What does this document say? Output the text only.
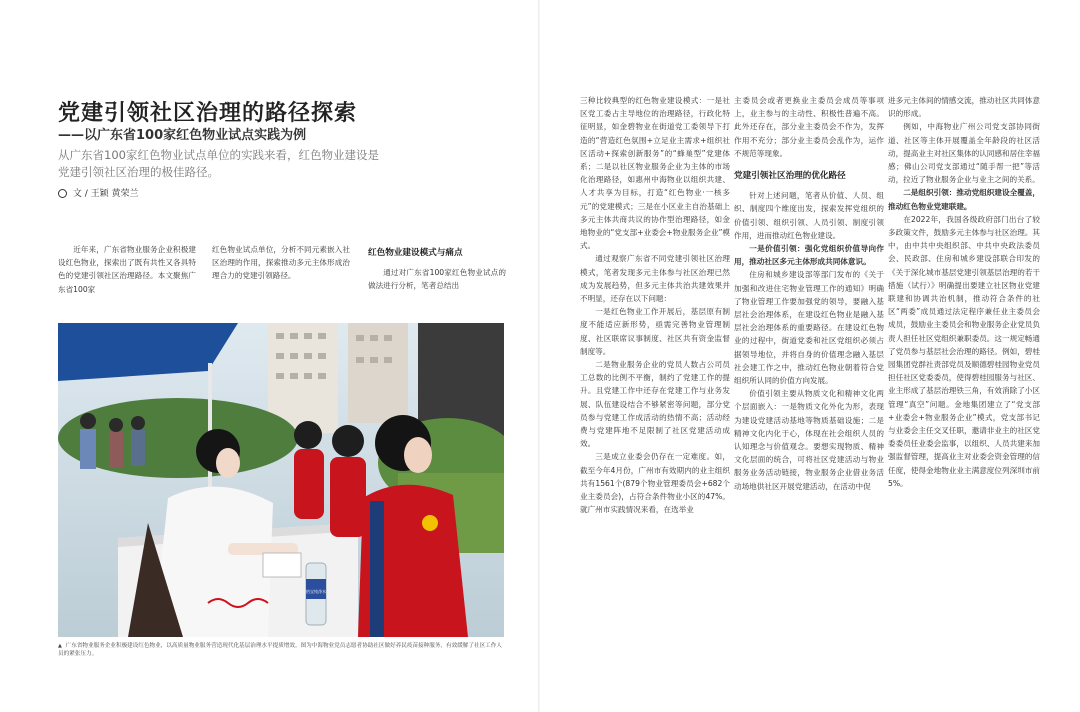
党建引领社区治理的路径探索
——以广东省100家红色物业试点实践为例

从广东省100家红色物业试点单位的实践来看，红色物业建设是党建引领社区治理的极佳路径。

文 / 王颖 黄荣兰

近年来，广东省物业服务企业积极建设红色物业，探索出了既有共性又各具特色的党建引领社区治理路径。本文聚焦广东省100家

红色物业试点单位，分析不同元素嵌入社区治理的作用，探索推动多元主体形成治理合力的党建引领路径。

红色物业建设模式与痛点

通过对广东省100家红色物业试点的做法进行分析，笔者总结出

怡宝纯净水
▲ 广东省物业服务企业积极建设红色物业，以高质量物业服务营造现代化基层治理水平提质增效。图为中海物业党员志愿者协助社区做好养民疫苗接种服务，有效缓解了社区工作人员的紧张压力。

三种比较典型的红色物业建设模式：一是社区党工委占主导地位的治理路径，行政化特征明显，如金碧物业在街道党工委领导下打造的“营造红色氛围+立足业主需求+组织社区活动+探索创新服务”的“蜂巢型”党建体系；二是以社区物业服务企业为主体的市场化治理路径，如惠州中海物业以组织共建、人才共享为目标，打造“红色物业·一核多元”的党建模式；三是在小区业主自治基础上多元主体共商共议的协作型治理路径，如金地物业的“党支部+业委会+物业服务企业”模式。

通过观察广东省不同党建引领社区治理模式，笔者发现多元主体参与社区治理已然成为发展趋势，但多元主体共治共建效果并不明显，还存在以下问题：

一是红色物业工作开展后，基层原有制度不能适应新形势，亟需完善物业管理制度、社区联席议事制度、社区共有资金监督制度等。

二是物业服务企业的党员人数占公司员工总数的比例不平衡，制约了党建工作的提升。且党建工作中还存在党建工作与业务发展、队伍建设结合不够紧密等问题，部分党员参与党建工作成活动的热情不高；活动经费与党建阵地不足限制了社区党建活动成效。

三是成立业委会仍存在一定难度。如，截至今年4月份，广州市有效期内的业主组织共有1561个(879个物业管理委员会+682个业主委员会)，占符合条件物业小区的47%。就广州市实践情况来看，在选举业

主委员会或者更换业主委员会成员等事项上，业主参与的主动性、积极性普遍不高。此外还存在，部分业主委员会不作为，发挥作用不充分；部分业主委员会乱作为，运作不规范等现象。

党建引领社区治理的优化路径

针对上述问题，笔者从价值、人员、组织、制度四个维度出发，探索发挥党组织的价值引领、组织引领、人员引领、制度引领作用，进而推动红色物业建设。

一是价值引领：强化党组织价值导向作用，推动社区多元主体形成共同体意识。

住房和城乡建设部等部门发布的《关于加强和改进住宅物业管理工作的通知》明确了物业管理工作要加强党的领导，要融入基层社会治理体系，在建设红色物业是融入基层社会治理体系的重要路径。在建设红色物业的过程中，街道党委和社区党组织必须占据领导地位，并将自身的价值理念融入基层社会建工作之中，推动红色物业朝着符合党组织所认同的价值方向发展。

价值引领主要从物质文化和精神文化两个层面嵌入：一是物质文化外化为形，表现为建设党建活动基地等物质基础设施；二是精神文化内化于心，体现在社会组织人员的认知理念与价值观念。要想实现物质、精神文化层面的统合，可将社区党建活动与物业服务业务活动链接，物业服务企业借业务活动场地供社区开展党建活动，在活动中促

进多元主体间的情感交流，推动社区共同体意识的形成。

例如，中海物业广州公司党支部协同街道、社区等主体开展覆盖全年龄段的社区活动，提高业主对社区集体的认同感和居住幸福感；佛山公司党支部通过“随手帮一把”等活动，拉近了物业服务企业与业主之间的关系。

二是组织引领：推动党组织建设全覆盖，推动红色物业党建联建。

在2022年，我国各级政府部门出台了较多政策文件，鼓励多元主体参与社区治理。其中，由中共中央组织部、中共中央政法委员会、民政部、住房和城乡建设部联合印发的《关于深化城市基层党建引领基层治理的若干措施（试行）》明确提出要建立社区物业党建联建和协调共治机制，推动符合条件的社区“两委”成员通过法定程序兼任业主委员会成员，鼓励业主委员会和物业服务企业党员负责人担任社区党组织兼职委员。这一规定畅通了党员参与基层社会治理的路径。例如，碧桂园集团党群社责部党员及顺德碧桂园物业党员担任社区党委委员，使得碧桂园服务与社区、业主形成了基层治理铁三角，有效消除了小区管理“真空”问题。金地集团建立了“党支部+业委会+物业服务企业”模式，党支部书记与业委会主任交叉任职，邀请非业主的社区党委委员任业委会监事，以组织、人员共建来加强监督管理，提高业主对业委会资金管理的信任度，使得金地物业业主满意度位列深圳市前5%。
